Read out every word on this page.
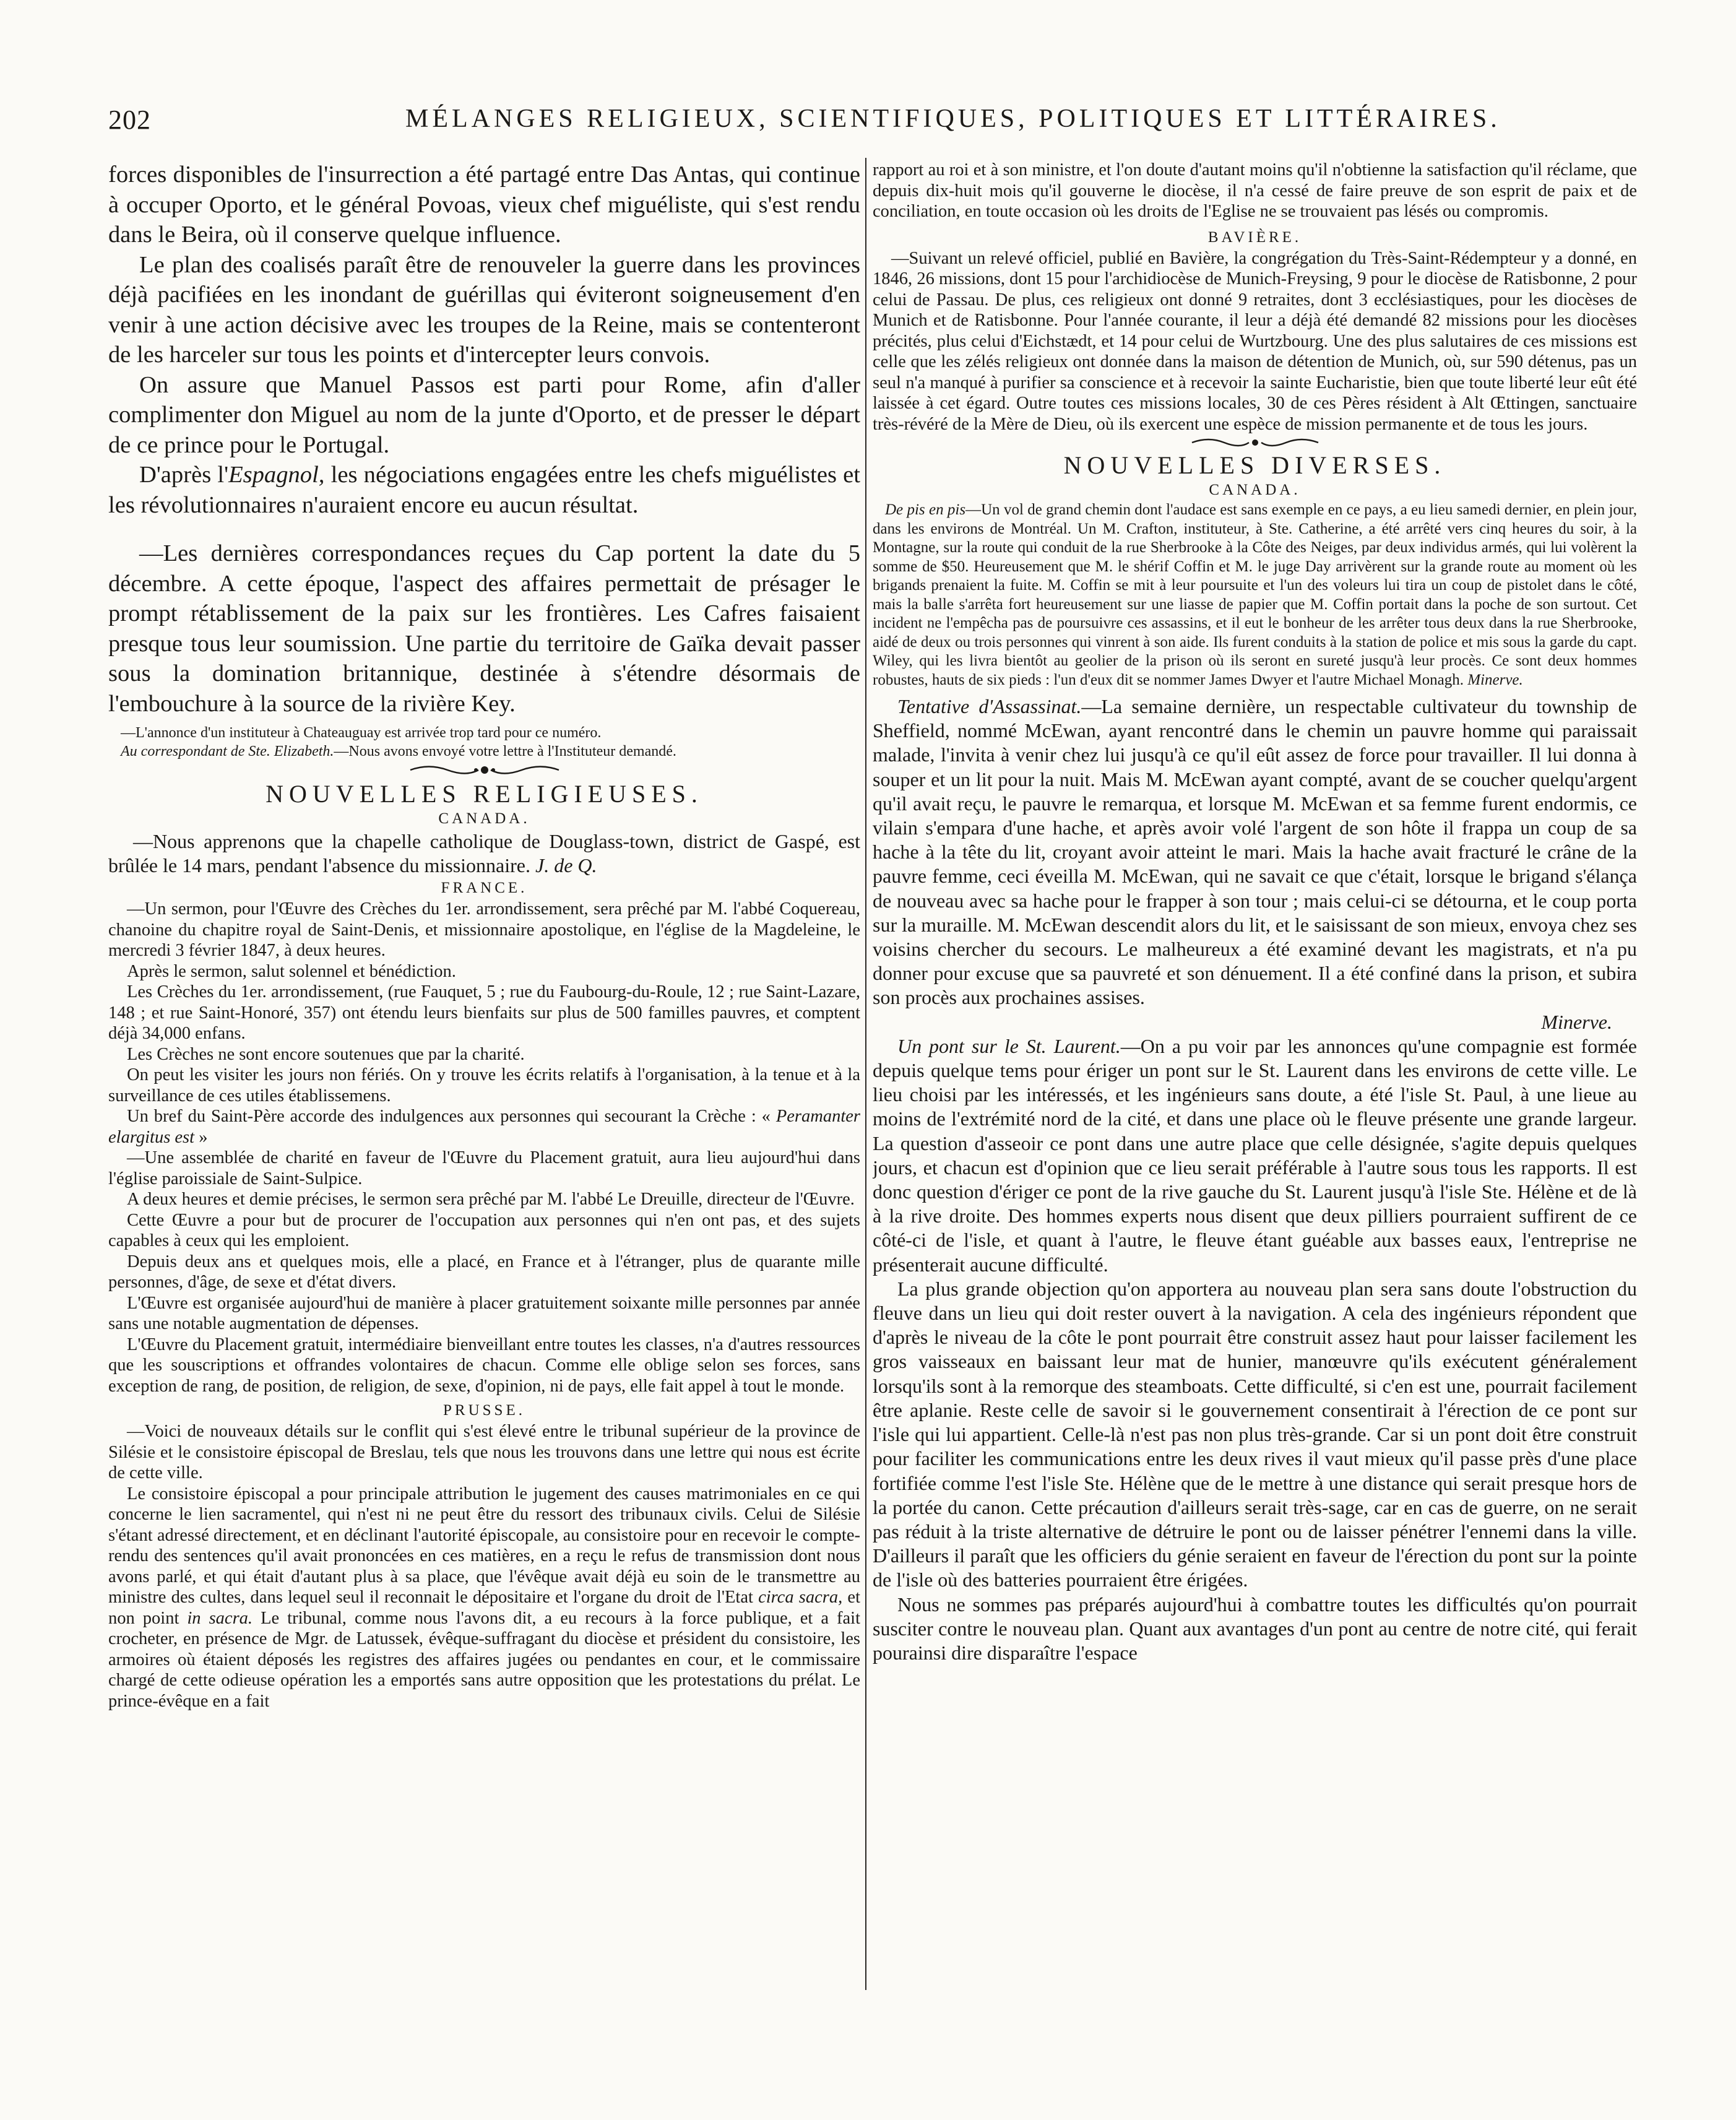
202	MÉLANGES RELIGIEUX, SCIENTIFIQUES, POLITIQUES ET LITTÉRAIRES.

forces disponibles de l'insurrection a été partagé entre Das Antas, qui continue à occuper Oporto, et le général Povoas, vieux chef miguéliste, qui s'est rendu dans le Beira, où il conserve quelque influence.

Le plan des coalisés paraît être de renouveler la guerre dans les provinces déjà pacifiées en les inondant de guérillas qui éviteront soigneusement d'en venir à une action décisive avec les troupes de la Reine, mais se contenteront de les harceler sur tous les points et d'intercepter leurs convois.

On assure que Manuel Passos est parti pour Rome, afin d'aller complimenter don Miguel au nom de la junte d'Oporto, et de presser le départ de ce prince pour le Portugal.

D'après l'Espagnol, les négociations engagées entre les chefs miguélistes et les révolutionnaires n'auraient encore eu aucun résultat.

—Les dernières correspondances reçues du Cap portent la date du 5 décembre. A cette époque, l'aspect des affaires permettait de présager le prompt rétablissement de la paix sur les frontières. Les Cafres faisaient presque tous leur soumission. Une partie du territoire de Gaïka devait passer sous la domination britannique, destinée à s'étendre désormais de l'embouchure à la source de la rivière Key.

—L'annonce d'un instituteur à Chateauguay est arrivée trop tard pour ce numéro.

Au correspondant de Ste. Elizabeth.—Nous avons envoyé votre lettre à l'Instituteur demandé.

NOUVELLES RELIGIEUSES.
CANADA.

—Nous apprenons que la chapelle catholique de Douglass-town, district de Gaspé, est brûlée le 14 mars, pendant l'absence du missionnaire. J. de Q.

FRANCE.

—Un sermon, pour l'Œuvre des Crèches du 1er. arrondissement, sera prêché par M. l'abbé Coquereau, chanoine du chapitre royal de Saint-Denis, et missionnaire apostolique, en l'église de la Magdeleine, le mercredi 3 février 1847, à deux heures.

Après le sermon, salut solennel et bénédiction.

Les Crèches du 1er. arrondissement, (rue Fauquet, 5 ; rue du Faubourg-du-Roule, 12 ; rue Saint-Lazare, 148 ; et rue Saint-Honoré, 357) ont étendu leurs bienfaits sur plus de 500 familles pauvres, et comptent déjà 34,000 enfans.

Les Crèches ne sont encore soutenues que par la charité.

On peut les visiter les jours non fériés. On y trouve les écrits relatifs à l'organisation, à la tenue et à la surveillance de ces utiles établissemens.

Un bref du Saint-Père accorde des indulgences aux personnes qui secourant la Crèche : « Peramanter elargitus est »

—Une assemblée de charité en faveur de l'Œuvre du Placement gratuit, aura lieu aujourd'hui dans l'église paroissiale de Saint-Sulpice.

A deux heures et demie précises, le sermon sera prêché par M. l'abbé Le Dreuille, directeur de l'Œuvre.

Cette Œuvre a pour but de procurer de l'occupation aux personnes qui n'en ont pas, et des sujets capables à ceux qui les emploient.

Depuis deux ans et quelques mois, elle a placé, en France et à l'étranger, plus de quarante mille personnes, d'âge, de sexe et d'état divers.

L'Œuvre est organisée aujourd'hui de manière à placer gratuitement soixante mille personnes par année sans une notable augmentation de dépenses.

L'Œuvre du Placement gratuit, intermédiaire bienveillant entre toutes les classes, n'a d'autres ressources que les souscriptions et offrandes volontaires de chacun. Comme elle oblige selon ses forces, sans exception de rang, de position, de religion, de sexe, d'opinion, ni de pays, elle fait appel à tout le monde.

PRUSSE.

—Voici de nouveaux détails sur le conflit qui s'est élevé entre le tribunal supérieur de la province de Silésie et le consistoire épiscopal de Breslau, tels que nous les trouvons dans une lettre qui nous est écrite de cette ville.

Le consistoire épiscopal a pour principale attribution le jugement des causes matrimoniales en ce qui concerne le lien sacramentel, qui n'est ni ne peut être du ressort des tribunaux civils. Celui de Silésie s'étant adressé directement, et en déclinant l'autorité épiscopale, au consistoire pour en recevoir le compte-rendu des sentences qu'il avait prononcées en ces matières, en a reçu le refus de transmission dont nous avons parlé, et qui était d'autant plus à sa place, que l'évêque avait déjà eu soin de le transmettre au ministre des cultes, dans lequel seul il reconnait le dépositaire et l'organe du droit de l'Etat circa sacra, et non point in sacra. Le tribunal, comme nous l'avons dit, a eu recours à la force publique, et a fait crocheter, en présence de Mgr. de Latussek, évêque-suffragant du diocèse et président du consistoire, les armoires où étaient déposés les registres des affaires jugées ou pendantes en cour, et le commissaire chargé de cette odieuse opération les a emportés sans autre opposition que les protestations du prélat. Le prince-évêque en a fait

rapport au roi et à son ministre, et l'on doute d'autant moins qu'il n'obtienne la satisfaction qu'il réclame, que depuis dix-huit mois qu'il gouverne le diocèse, il n'a cessé de faire preuve de son esprit de paix et de conciliation, en toute occasion où les droits de l'Eglise ne se trouvaient pas lésés ou compromis.

BAVIÈRE.

—Suivant un relevé officiel, publié en Bavière, la congrégation du Très-Saint-Rédempteur y a donné, en 1846, 26 missions, dont 15 pour l'archidiocèse de Munich-Freysing, 9 pour le diocèse de Ratisbonne, 2 pour celui de Passau. De plus, ces religieux ont donné 9 retraites, dont 3 ecclésiastiques, pour les diocèses de Munich et de Ratisbonne. Pour l'année courante, il leur a déjà été demandé 82 missions pour les diocèses précités, plus celui d'Eichstædt, et 14 pour celui de Wurtzbourg. Une des plus salutaires de ces missions est celle que les zélés religieux ont donnée dans la maison de détention de Munich, où, sur 590 détenus, pas un seul n'a manqué à purifier sa conscience et à recevoir la sainte Eucharistie, bien que toute liberté leur eût été laissée à cet égard. Outre toutes ces missions locales, 30 de ces Pères résident à Alt Œttingen, sanctuaire très-révéré de la Mère de Dieu, où ils exercent une espèce de mission permanente et de tous les jours.

NOUVELLES DIVERSES.
CANADA.

De pis en pis—Un vol de grand chemin dont l'audace est sans exemple en ce pays, a eu lieu samedi dernier, en plein jour, dans les environs de Montréal. Un M. Crafton, instituteur, à Ste. Catherine, a été arrêté vers cinq heures du soir, à la Montagne, sur la route qui conduit de la rue Sherbrooke à la Côte des Neiges, par deux individus armés, qui lui volèrent la somme de $50. Heureusement que M. le shérif Coffin et M. le juge Day arrivèrent sur la grande route au moment où les brigands prenaient la fuite. M. Coffin se mit à leur poursuite et l'un des voleurs lui tira un coup de pistolet dans le côté, mais la balle s'arrêta fort heureusement sur une liasse de papier que M. Coffin portait dans la poche de son surtout. Cet incident ne l'empêcha pas de poursuivre ces assassins, et il eut le bonheur de les arrêter tous deux dans la rue Sherbrooke, aidé de deux ou trois personnes qui vinrent à son aide. Ils furent conduits à la station de police et mis sous la garde du capt. Wiley, qui les livra bientôt au geolier de la prison où ils seront en sureté jusqu'à leur procès. Ce sont deux hommes robustes, hauts de six pieds : l'un d'eux dit se nommer James Dwyer et l'autre Michael Monagh. Minerve.

Tentative d'Assassinat.—La semaine dernière, un respectable cultivateur du township de Sheffield, nommé McEwan, ayant rencontré dans le chemin un pauvre homme qui paraissait malade, l'invita à venir chez lui jusqu'à ce qu'il eût assez de force pour travailler. Il lui donna à souper et un lit pour la nuit. Mais M. McEwan ayant compté, avant de se coucher quelqu'argent qu'il avait reçu, le pauvre le remarqua, et lorsque M. McEwan et sa femme furent endormis, ce vilain s'empara d'une hache, et après avoir volé l'argent de son hôte il frappa un coup de sa hache à la tête du lit, croyant avoir atteint le mari. Mais la hache avait fracturé le crâne de la pauvre femme, ceci éveilla M. McEwan, qui ne savait ce que c'était, lorsque le brigand s'élança de nouveau avec sa hache pour le frapper à son tour ; mais celui-ci se détourna, et le coup porta sur la muraille. M. McEwan descendit alors du lit, et le saisissant de son mieux, envoya chez ses voisins chercher du secours. Le malheureux a été examiné devant les magistrats, et n'a pu donner pour excuse que sa pauvreté et son dénuement. Il a été confiné dans la prison, et subira son procès aux prochaines assises.

Minerve.

Un pont sur le St. Laurent.—On a pu voir par les annonces qu'une compagnie est formée depuis quelque tems pour ériger un pont sur le St. Laurent dans les environs de cette ville. Le lieu choisi par les intéressés, et les ingénieurs sans doute, a été l'isle St. Paul, à une lieue au moins de l'extrémité nord de la cité, et dans une place où le fleuve présente une grande largeur. La question d'asseoir ce pont dans une autre place que celle désignée, s'agite depuis quelques jours, et chacun est d'opinion que ce lieu serait préférable à l'autre sous tous les rapports. Il est donc question d'ériger ce pont de la rive gauche du St. Laurent jusqu'à l'isle Ste. Hélène et de là à la rive droite. Des hommes experts nous disent que deux pilliers pourraient suffirent de ce côté-ci de l'isle, et quant à l'autre, le fleuve étant guéable aux basses eaux, l'entreprise ne présenterait aucune difficulté.

La plus grande objection qu'on apportera au nouveau plan sera sans doute l'obstruction du fleuve dans un lieu qui doit rester ouvert à la navigation. A cela des ingénieurs répondent que d'après le niveau de la côte le pont pourrait être construit assez haut pour laisser facilement les gros vaisseaux en baissant leur mat de hunier, manœuvre qu'ils exécutent généralement lorsqu'ils sont à la remorque des steamboats. Cette difficulté, si c'en est une, pourrait facilement être aplanie. Reste celle de savoir si le gouvernement consentirait à l'érection de ce pont sur l'isle qui lui appartient. Celle-là n'est pas non plus très-grande. Car si un pont doit être construit pour faciliter les communications entre les deux rives il vaut mieux qu'il passe près d'une place fortifiée comme l'est l'isle Ste. Hélène que de le mettre à une distance qui serait presque hors de la portée du canon. Cette précaution d'ailleurs serait très-sage, car en cas de guerre, on ne serait pas réduit à la triste alternative de détruire le pont ou de laisser pénétrer l'ennemi dans la ville. D'ailleurs il paraît que les officiers du génie seraient en faveur de l'érection du pont sur la pointe de l'isle où des batteries pourraient être érigées.

Nous ne sommes pas préparés aujourd'hui à combattre toutes les difficultés qu'on pourrait susciter contre le nouveau plan. Quant aux avantages d'un pont au centre de notre cité, qui ferait pourainsi dire disparaître l'espace
